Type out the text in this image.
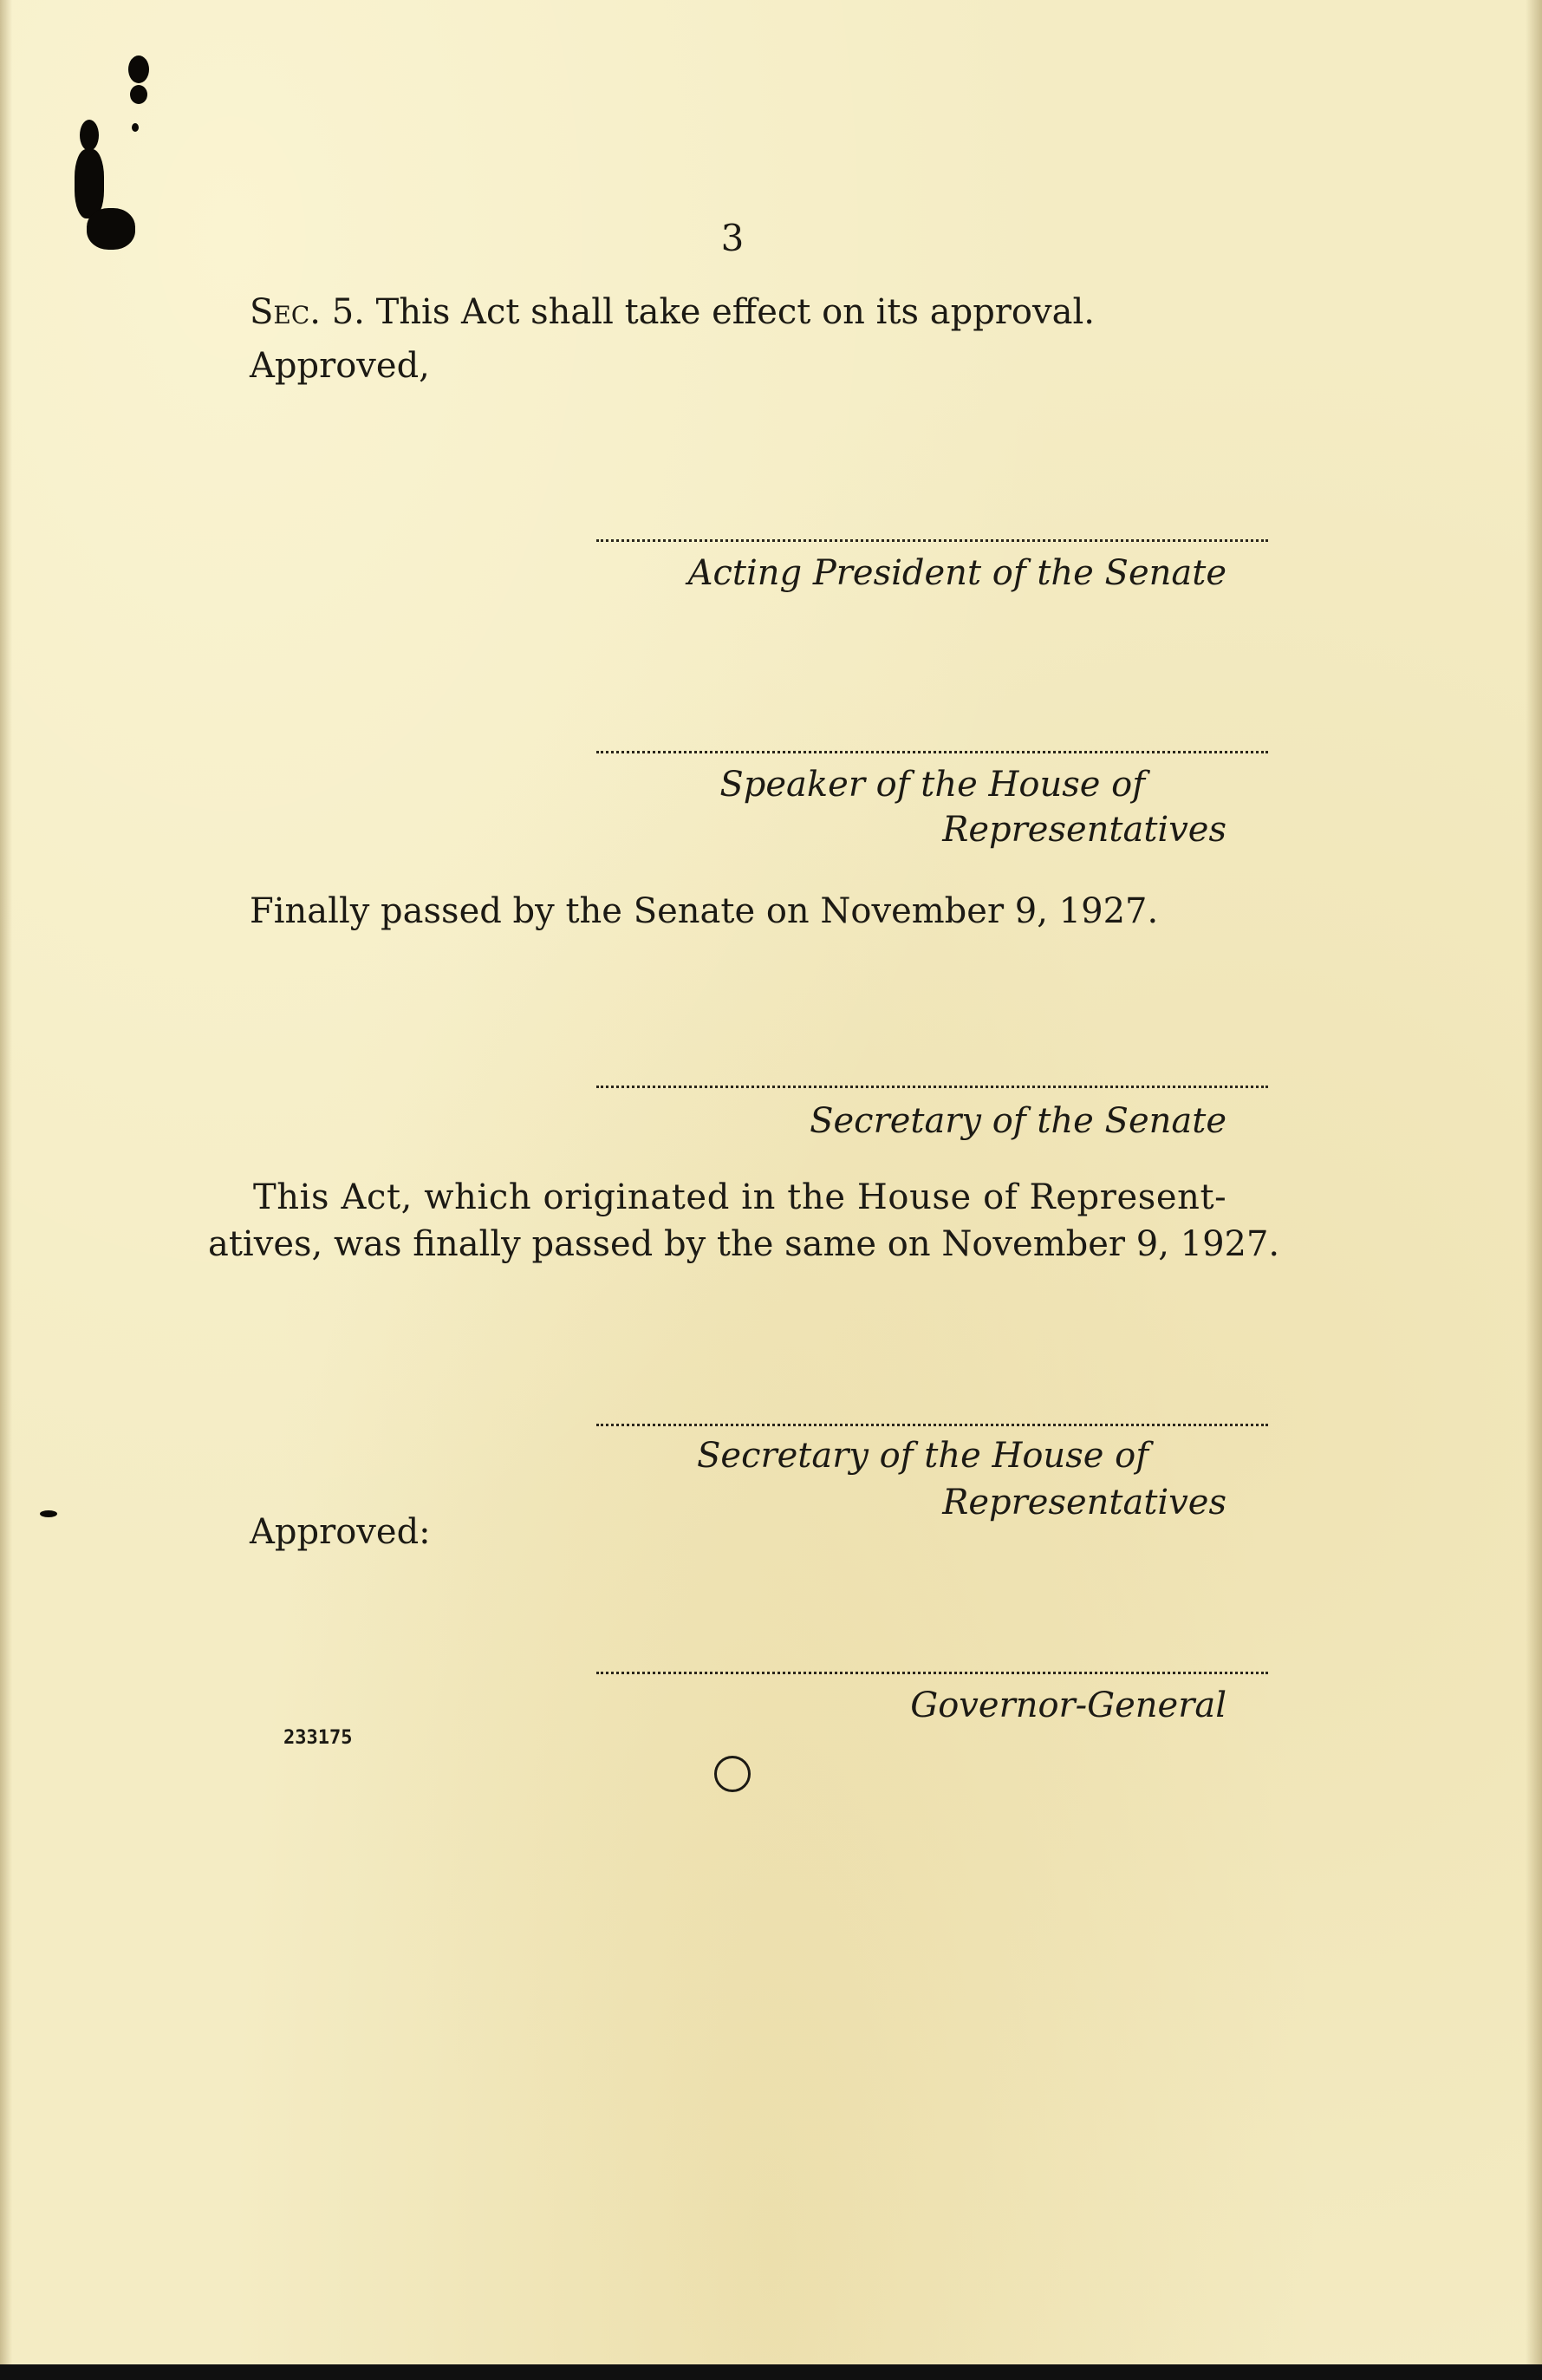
3
Sec. 5. This Act shall take effect on its approval.
Approved,
Acting President of the Senate
Speaker of the House of
Representatives
Finally passed by the Senate on November 9, 1927.
Secretary of the Senate
This Act, which originated in the House of Represent-
atives, was finally passed by the same on November 9, 1927.
Secretary of the House of
Representatives
Approved:
Governor-General
233175
